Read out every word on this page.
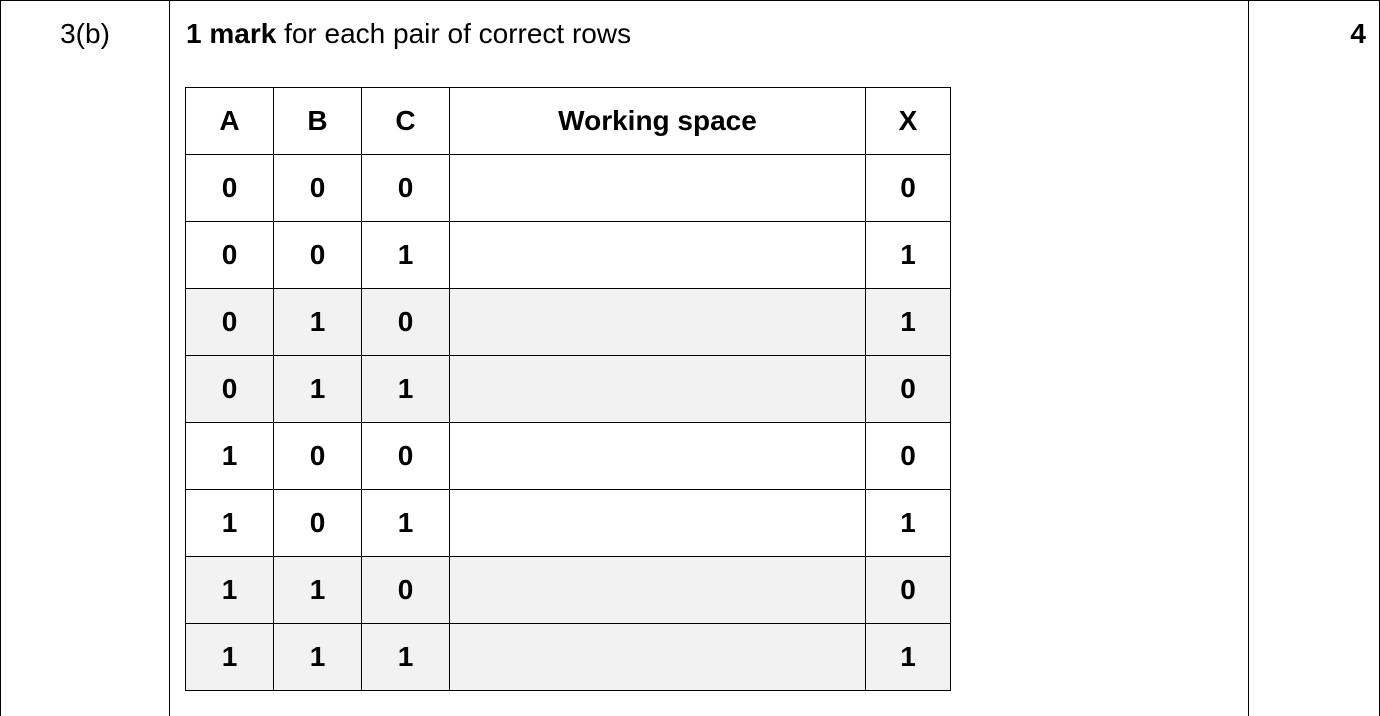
3(b)	1 mark for each pair of correct rows	4
A	B	C	Working space	X
0	0	0		0
0	0	1		1
0	1	0		1
0	1	1		0
1	0	0		0
1	0	1		1
1	1	0		0
1	1	1		1
